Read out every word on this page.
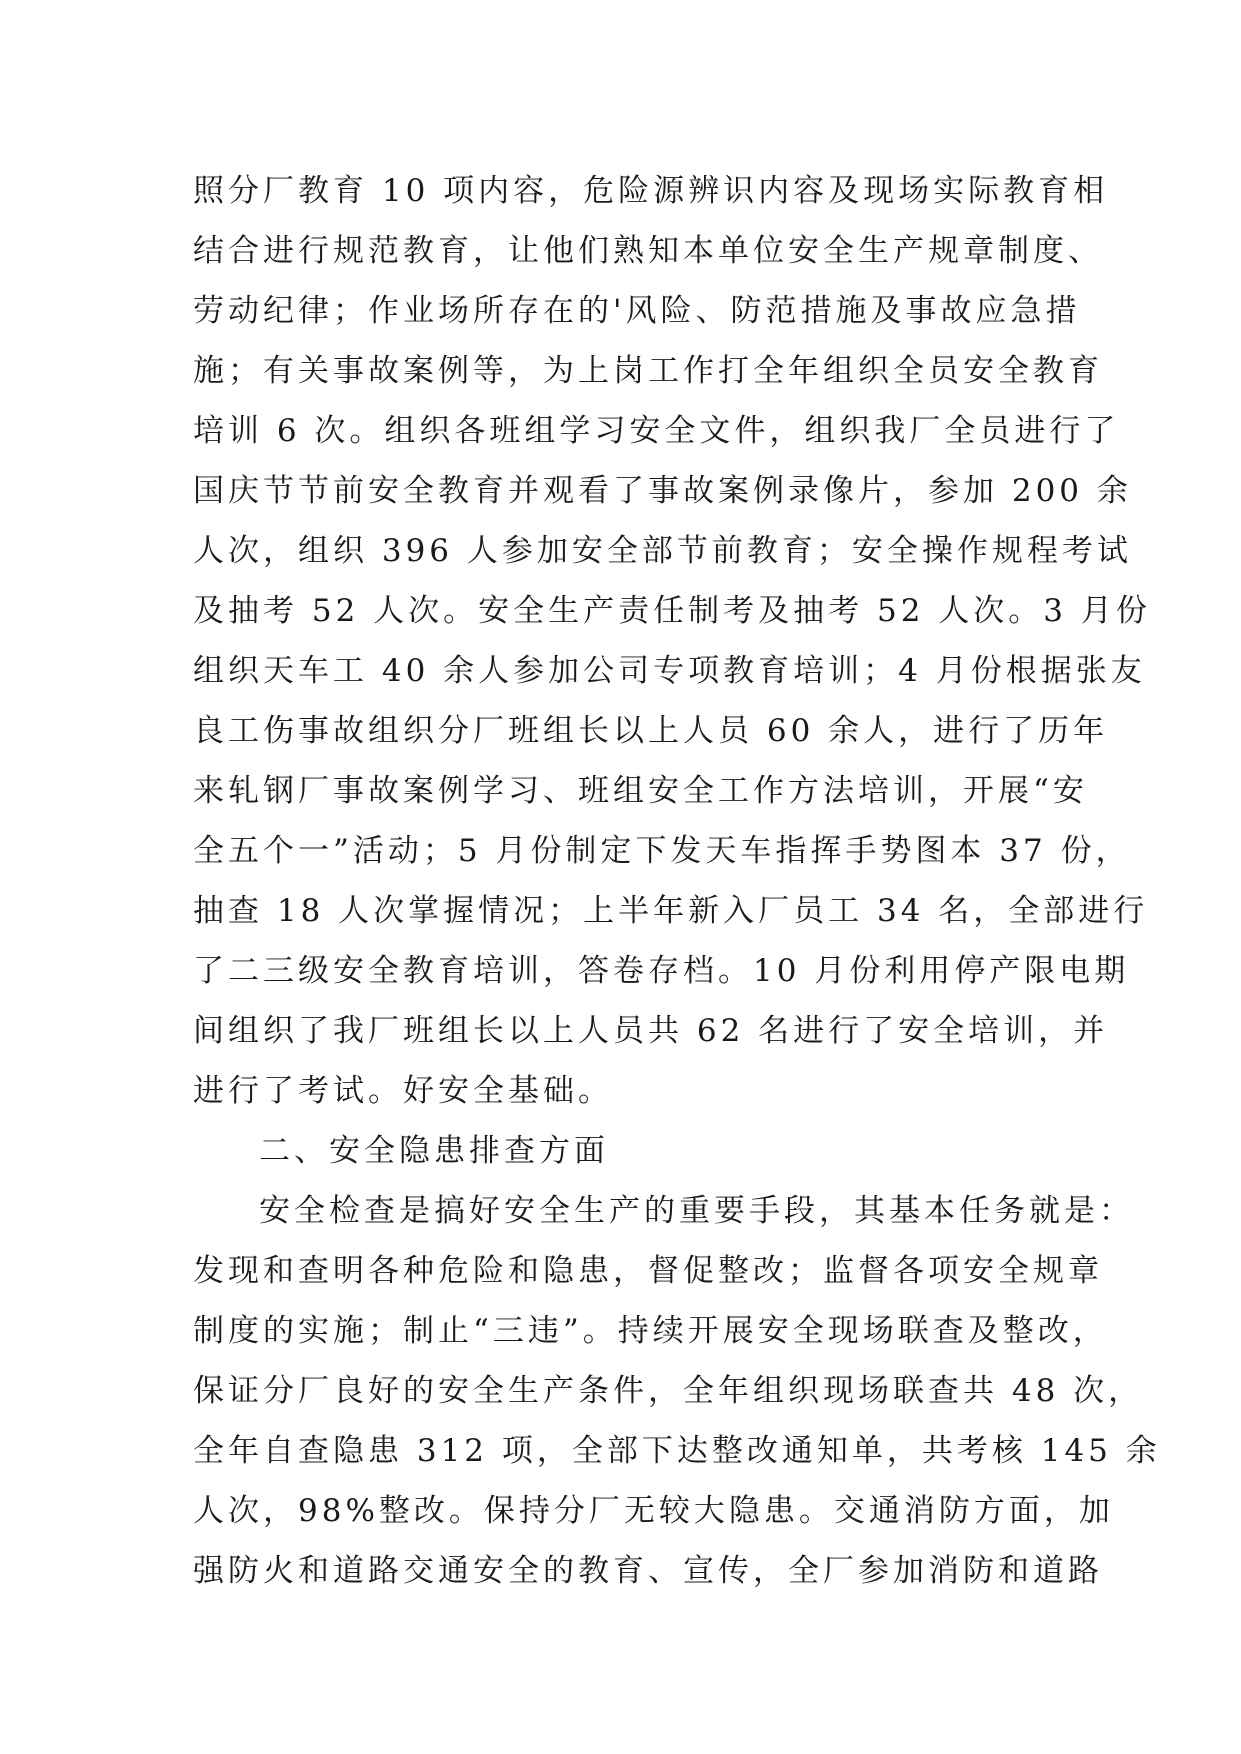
照分厂教育 10 项内容，危险源辨识内容及现场实际教育相
结合进行规范教育，让他们熟知本单位安全生产规章制度、
劳动纪律；作业场所存在的'风险、防范措施及事故应急措
施；有关事故案例等，为上岗工作打全年组织全员安全教育
培训 6 次。组织各班组学习安全文件，组织我厂全员进行了
国庆节节前安全教育并观看了事故案例录像片，参加 200 余
人次，组织 396 人参加安全部节前教育；安全操作规程考试
及抽考 52 人次。安全生产责任制考及抽考 52 人次。3 月份
组织天车工 40 余人参加公司专项教育培训；4 月份根据张友
良工伤事故组织分厂班组长以上人员 60 余人，进行了历年
来轧钢厂事故案例学习、班组安全工作方法培训，开展“安
全五个一”活动；5 月份制定下发天车指挥手势图本 37 份，
抽查 18 人次掌握情况；上半年新入厂员工 34 名，全部进行
了二三级安全教育培训，答卷存档。10 月份利用停产限电期
间组织了我厂班组长以上人员共 62 名进行了安全培训，并
进行了考试。好安全基础。
二、安全隐患排查方面
安全检查是搞好安全生产的重要手段，其基本任务就是：
发现和查明各种危险和隐患，督促整改；监督各项安全规章
制度的实施；制止“三违”。持续开展安全现场联查及整改，
保证分厂良好的安全生产条件，全年组织现场联查共 48 次，
全年自查隐患 312 项，全部下达整改通知单，共考核 145 余
人次，98%整改。保持分厂无较大隐患。交通消防方面，加
强防火和道路交通安全的教育、宣传，全厂参加消防和道路
